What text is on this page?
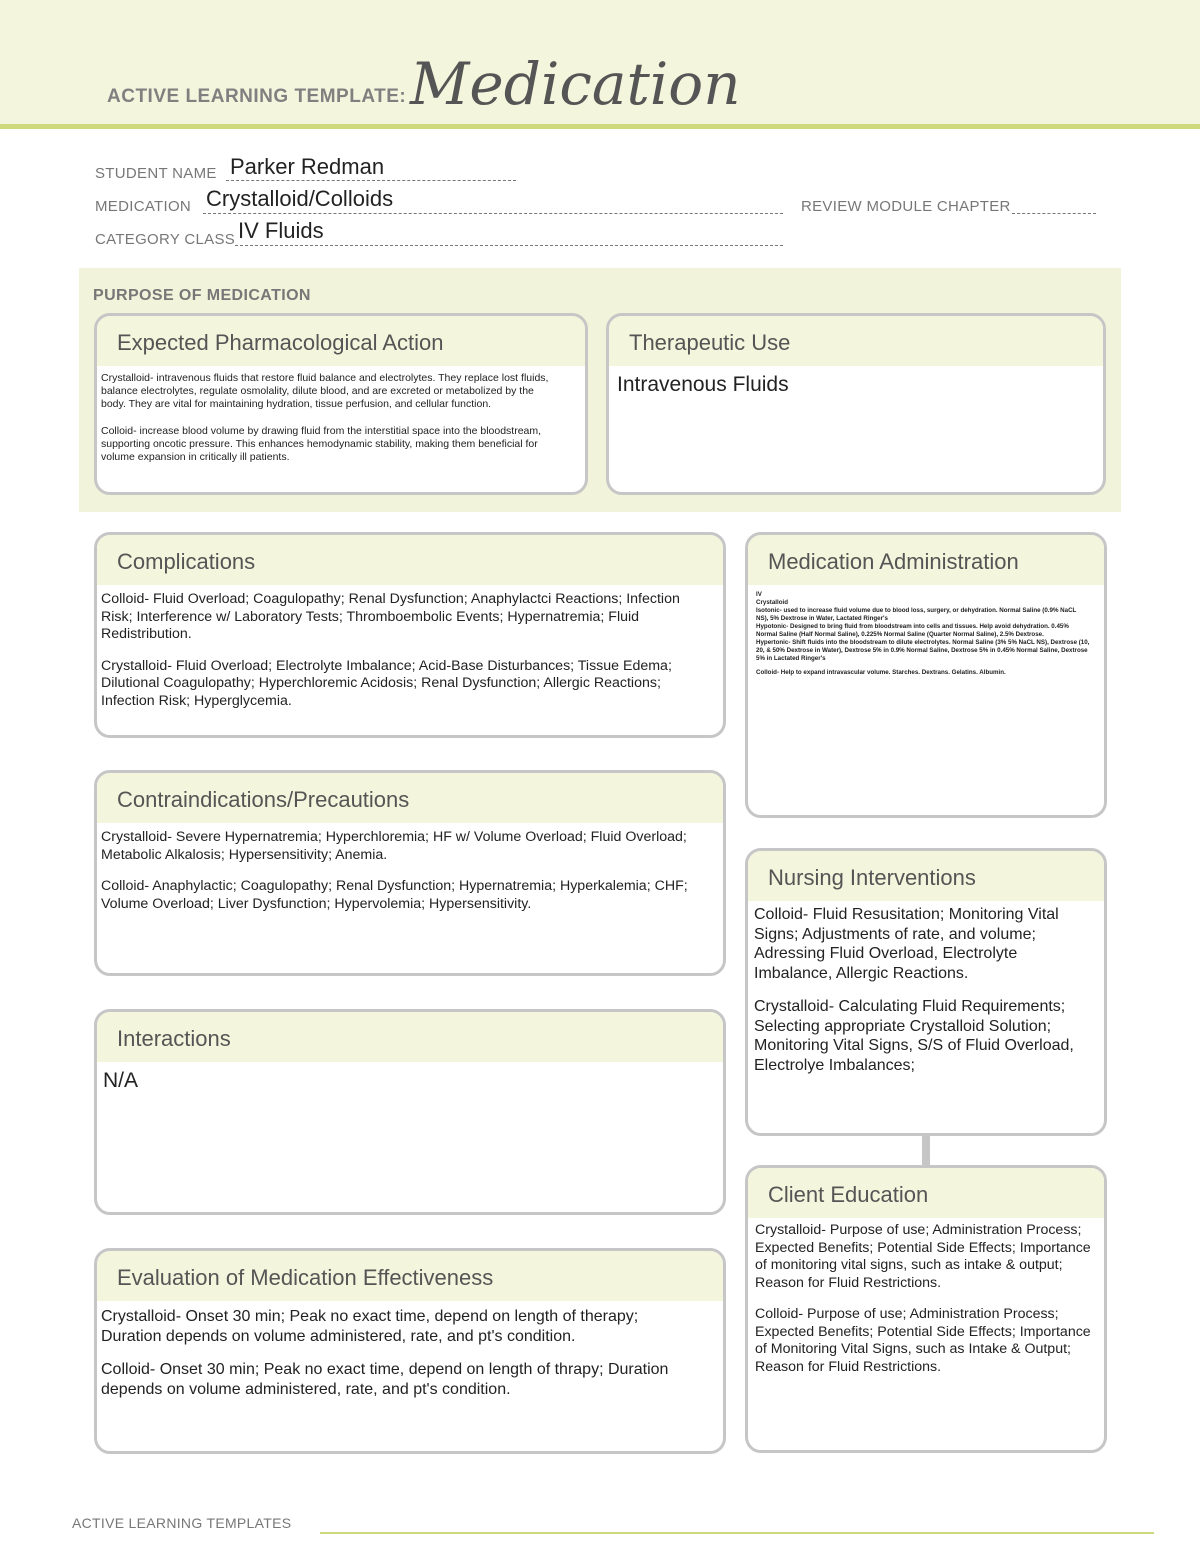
ACTIVE LEARNING TEMPLATE: Medication
STUDENT NAME Parker Redman
MEDICATION Crystalloid/Colloids	REVIEW MODULE CHAPTER
CATEGORY CLASS IV Fluids
PURPOSE OF MEDICATION
Expected Pharmacological Action

Crystalloid- intravenous fluids that restore fluid balance and electrolytes. They replace lost fluids, balance electrolytes, regulate osmolality, dilute blood, and are excreted or metabolized by the body. They are vital for maintaining hydration, tissue perfusion, and cellular function.

Colloid- increase blood volume by drawing fluid from the interstitial space into the bloodstream, supporting oncotic pressure. This enhances hemodynamic stability, making them beneficial for volume expansion in critically ill patients.

Therapeutic Use
Intravenous Fluids
Complications

Colloid- Fluid Overload; Coagulopathy; Renal Dysfunction; Anaphylactci Reactions; Infection Risk; Interference w/ Laboratory Tests; Thromboembolic Events; Hypernatremia; Fluid Redistribution.

Crystalloid- Fluid Overload; Electrolyte Imbalance; Acid-Base Disturbances; Tissue Edema; Dilutional Coagulopathy; Hyperchloremic Acidosis; Renal Dysfunction; Allergic Reactions; Infection Risk; Hyperglycemia.

Medication Administration
IV
Crystalloid
Isotonic- used to increase fluid volume due to blood loss, surgery, or dehydration. Normal Saline (0.9% NaCL NS), 5% Dextrose in Water, Lactated Ringer's
Hypotonic- Designed to bring fluid from bloodstream into cells and tissues. Help avoid dehydration. 0.45% Normal Saline (Half Normal Saline), 0.225% Normal Saline (Quarter Normal Saline), 2.5% Dextrose.
Hypertonic- Shift fluids into the bloodstream to dilute electrolytes. Normal Saline (3% 5% NaCL NS), Dextrose (10, 20, & 50% Dextrose in Water), Dextrose 5% in 0.9% Normal Saline, Dextrose 5% in 0.45% Normal Saline, Dextrose 5% in Lactated Ringer's
Colloid- Help to expand intravascular volume. Starches. Dextrans. Gelatins. Albumin.
Contraindications/Precautions

Crystalloid- Severe Hypernatremia; Hyperchloremia; HF w/ Volume Overload; Fluid Overload; Metabolic Alkalosis; Hypersensitivity; Anemia.

Colloid- Anaphylactic; Coagulopathy; Renal Dysfunction; Hypernatremia; Hyperkalemia; CHF; Volume Overload; Liver Dysfunction; Hypervolemia; Hypersensitivity.

Nursing Interventions

Colloid- Fluid Resusitation; Monitoring Vital Signs; Adjustments of rate, and volume; Adressing Fluid Overload, Electrolyte Imbalance, Allergic Reactions.

Crystalloid- Calculating Fluid Requirements; Selecting appropriate Crystalloid Solution; Monitoring Vital Signs, S/S of Fluid Overload, Electrolye Imbalances;

Interactions
N/A
Client Education

Crystalloid- Purpose of use; Administration Process; Expected Benefits; Potential Side Effects; Importance of monitoring vital signs, such as intake & output; Reason for Fluid Restrictions.

Colloid- Purpose of use; Administration Process; Expected Benefits; Potential Side Effects; Importance of Monitoring Vital Signs, such as Intake & Output; Reason for Fluid Restrictions.

Evaluation of Medication Effectiveness

Crystalloid- Onset 30 min; Peak no exact time, depend on length of therapy; Duration depends on volume administered, rate, and pt's condition.

Colloid- Onset 30 min; Peak no exact time, depend on length of thrapy; Duration depends on volume administered, rate, and pt's condition.

ACTIVE LEARNING TEMPLATES
